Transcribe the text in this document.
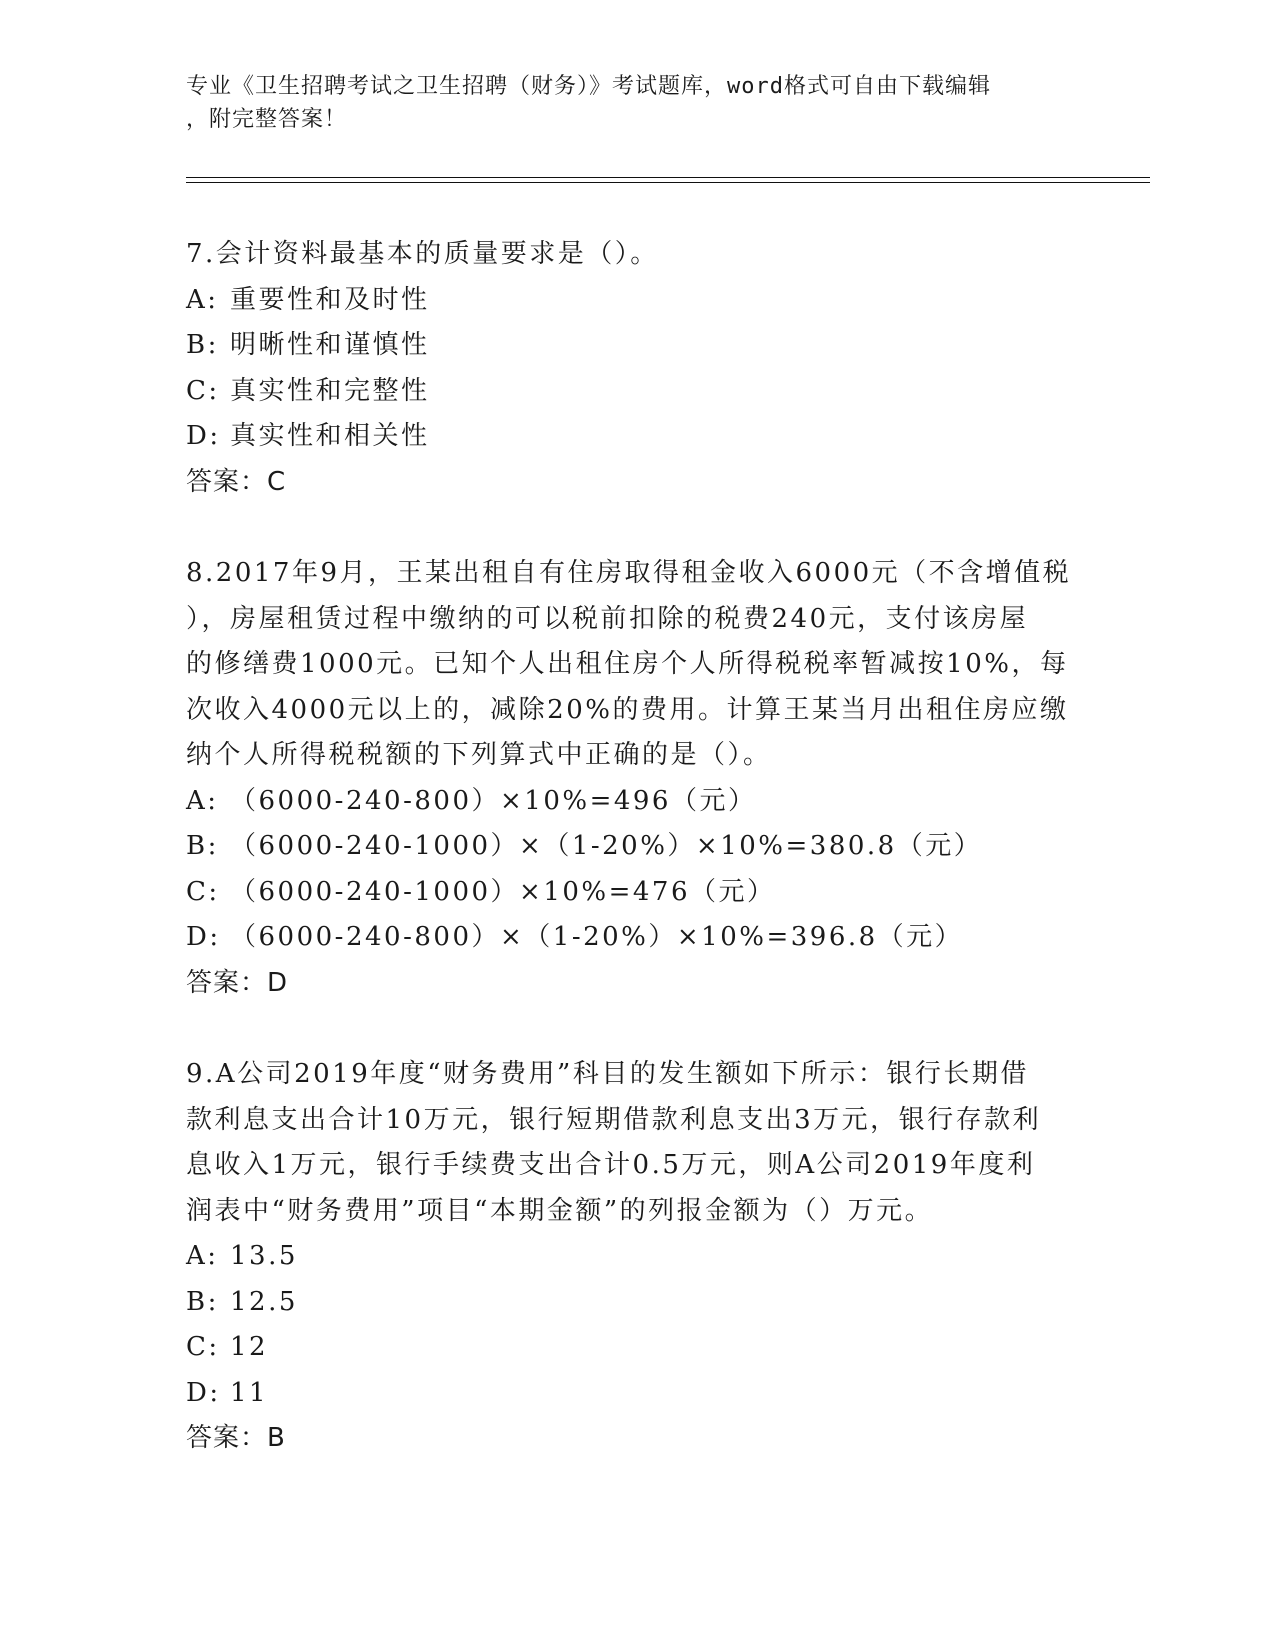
专业《卫生招聘考试之卫生招聘（财务）》考试题库，word格式可自由下载编辑
，附完整答案！

7.会计资料最基本的质量要求是（）。

A: 重要性和及时性

B: 明晰性和谨慎性

C: 真实性和完整性

D: 真实性和相关性

答案：C

8.2017年9月，王某出租自有住房取得租金收入6000元（不含增值税

），房屋租赁过程中缴纳的可以税前扣除的税费240元，支付该房屋

的修缮费1000元。已知个人出租住房个人所得税税率暂减按10%，每

次收入4000元以上的，减除20%的费用。计算王某当月出租住房应缴

纳个人所得税税额的下列算式中正确的是（）。

A: （6000-240-800）×10%=496（元）

B: （6000-240-1000）×（1-20%）×10%=380.8（元）

C: （6000-240-1000）×10%=476（元）

D: （6000-240-800）×（1-20%）×10%=396.8（元）

答案：D

9.A公司2019年度“财务费用”科目的发生额如下所示：银行长期借

款利息支出合计10万元，银行短期借款利息支出3万元，银行存款利

息收入1万元，银行手续费支出合计0.5万元，则A公司2019年度利

润表中“财务费用”项目“本期金额”的列报金额为（）万元。

A: 13.5

B: 12.5

C: 12

D: 11

答案：B
